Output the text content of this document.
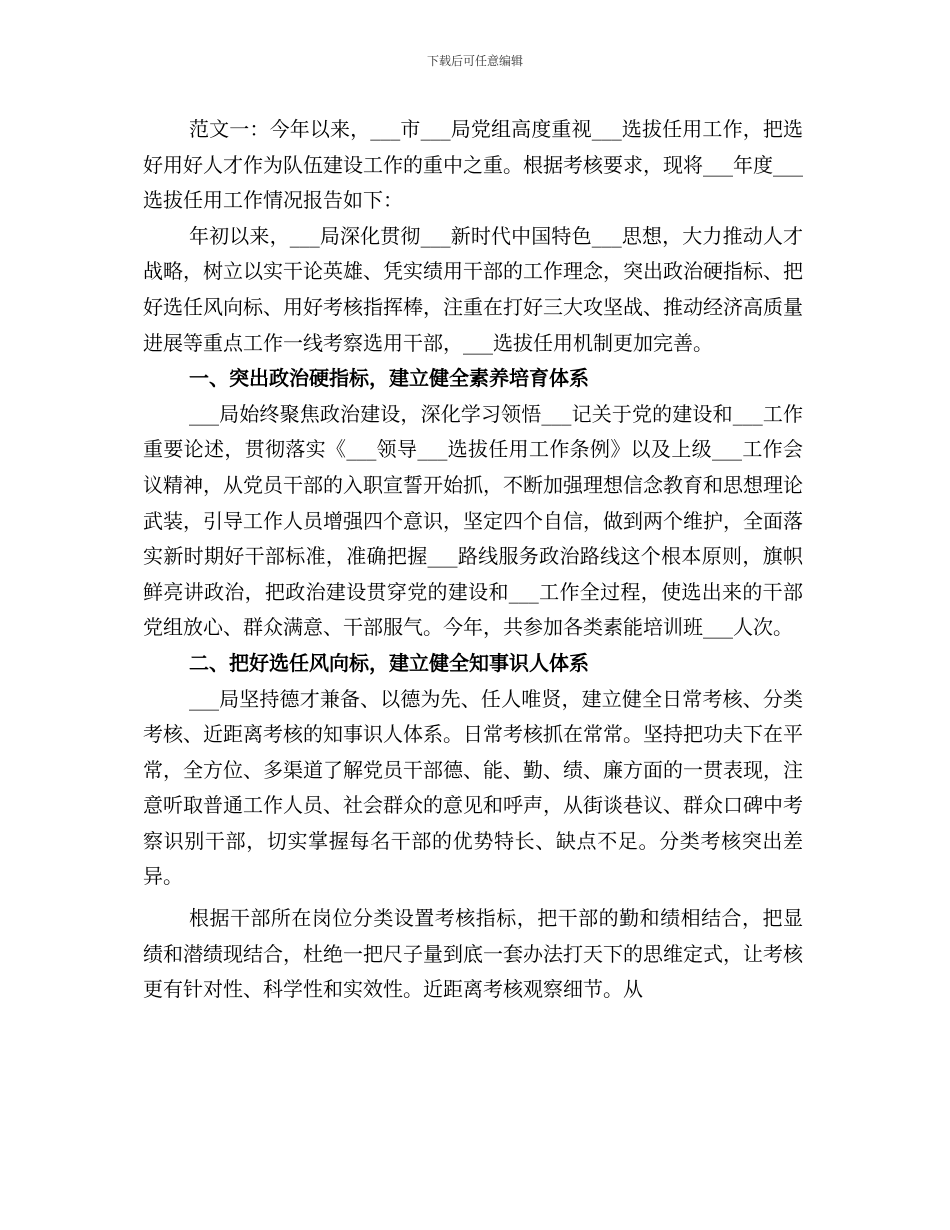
下载后可任意编辑

范文一：今年以来，___市___局党组高度重视___选拔任用工作，把选好用好人才作为队伍建设工作的重中之重。根据考核要求，现将___年度___选拔任用工作情况报告如下：

年初以来，___局深化贯彻___新时代中国特色___思想，大力推动人才战略，树立以实干论英雄、凭实绩用干部的工作理念，突出政治硬指标、把好选任风向标、用好考核指挥棒，注重在打好三大攻坚战、推动经济高质量进展等重点工作一线考察选用干部，___选拔任用机制更加完善。

一、突出政治硬指标，建立健全素养培育体系

___局始终聚焦政治建设，深化学习领悟___记关于党的建设和___工作重要论述，贯彻落实《___领导___选拔任用工作条例》以及上级___工作会议精神，从党员干部的入职宣誓开始抓，不断加强理想信念教育和思想理论武装，引导工作人员增强四个意识，坚定四个自信，做到两个维护，全面落实新时期好干部标准，准确把握___路线服务政治路线这个根本原则，旗帜鲜亮讲政治，把政治建设贯穿党的建设和___工作全过程，使选出来的干部党组放心、群众满意、干部服气。今年，共参加各类素能培训班___人次。

二、把好选任风向标，建立健全知事识人体系

___局坚持德才兼备、以德为先、任人唯贤，建立健全日常考核、分类考核、近距离考核的知事识人体系。日常考核抓在常常。坚持把功夫下在平常，全方位、多渠道了解党员干部德、能、勤、绩、廉方面的一贯表现，注意听取普通工作人员、社会群众的意见和呼声，从街谈巷议、群众口碑中考察识别干部，切实掌握每名干部的优势特长、缺点不足。分类考核突出差异。

根据干部所在岗位分类设置考核指标，把干部的勤和绩相结合，把显绩和潜绩现结合，杜绝一把尺子量到底一套办法打天下的思维定式，让考核更有针对性、科学性和实效性。近距离考核观察细节。从
